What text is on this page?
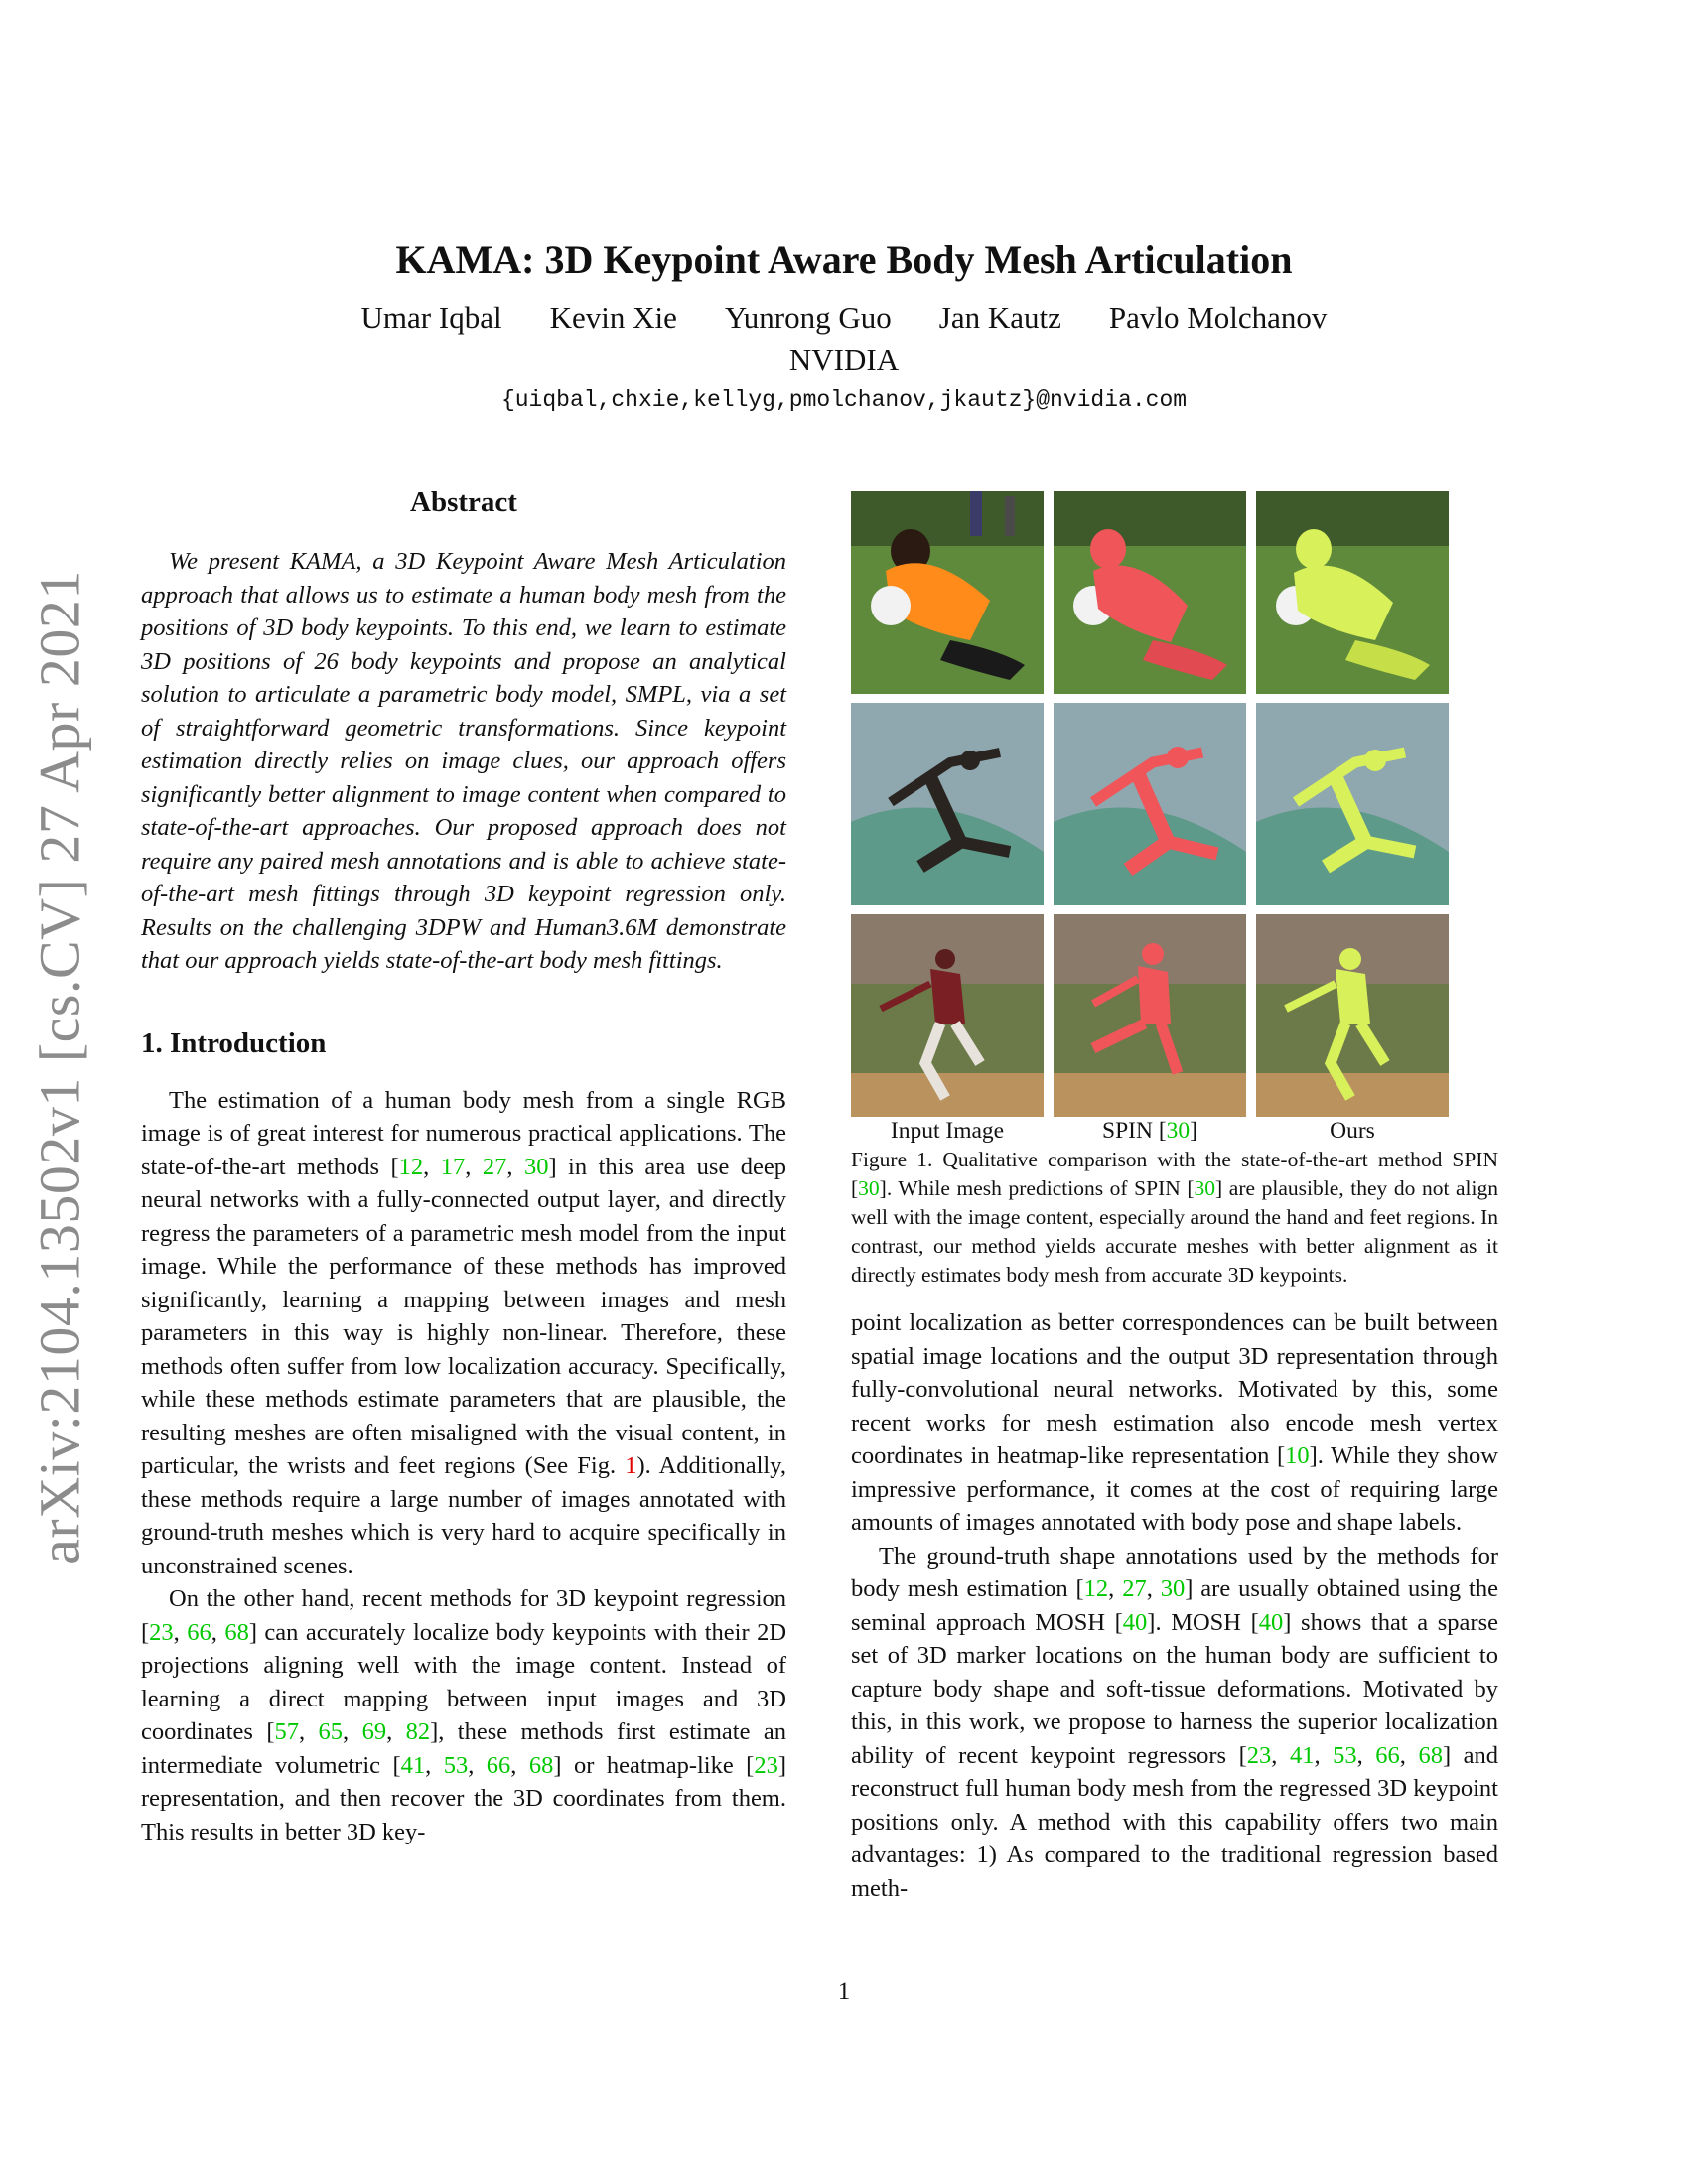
arXiv:2104.13502v1 [cs.CV] 27 Apr 2021
KAMA: 3D Keypoint Aware Body Mesh Articulation
Umar Iqbal Kevin Xie Yunrong Guo Jan Kautz Pavlo Molchanov
NVIDIA
{uiqbal,chxie,kellyg,pmolchanov,jkautz}@nvidia.com
Abstract

We present KAMA, a 3D Keypoint Aware Mesh Articulation approach that allows us to estimate a human body mesh from the positions of 3D body keypoints. To this end, we learn to estimate 3D positions of 26 body keypoints and propose an analytical solution to articulate a parametric body model, SMPL, via a set of straightforward geometric transformations. Since keypoint estimation directly relies on image clues, our approach offers significantly better alignment to image content when compared to state-of-the-art approaches. Our proposed approach does not require any paired mesh annotations and is able to achieve state-of-the-art mesh fittings through 3D keypoint regression only. Results on the challenging 3DPW and Human3.6M demonstrate that our approach yields state-of-the-art body mesh fittings.

1. Introduction

The estimation of a human body mesh from a single RGB image is of great interest for numerous practical applications. The state-of-the-art methods [12, 17, 27, 30] in this area use deep neural networks with a fully-connected output layer, and directly regress the parameters of a parametric mesh model from the input image. While the performance of these methods has improved significantly, learning a mapping between images and mesh parameters in this way is highly non-linear. Therefore, these methods often suffer from low localization accuracy. Specifically, while these methods estimate parameters that are plausible, the resulting meshes are often misaligned with the visual content, in particular, the wrists and feet regions (See Fig. 1). Additionally, these methods require a large number of images annotated with ground-truth meshes which is very hard to acquire specifically in unconstrained scenes.

On the other hand, recent methods for 3D keypoint regression [23, 66, 68] can accurately localize body keypoints with their 2D projections aligning well with the image content. Instead of learning a direct mapping between input images and 3D coordinates [57, 65, 69, 82], these methods first estimate an intermediate volumetric [41, 53, 66, 68] or heatmap-like [23] representation, and then recover the 3D coordinates from them. This results in better 3D key-

Input Image	SPIN [30]	Ours

Figure 1. Qualitative comparison with the state-of-the-art method SPIN [30]. While mesh predictions of SPIN [30] are plausible, they do not align well with the image content, especially around the hand and feet regions. In contrast, our method yields accurate meshes with better alignment as it directly estimates body mesh from accurate 3D keypoints.

point localization as better correspondences can be built between spatial image locations and the output 3D representation through fully-convolutional neural networks. Motivated by this, some recent works for mesh estimation also encode mesh vertex coordinates in heatmap-like representation [10]. While they show impressive performance, it comes at the cost of requiring large amounts of images annotated with body pose and shape labels.

The ground-truth shape annotations used by the methods for body mesh estimation [12, 27, 30] are usually obtained using the seminal approach MOSH [40]. MOSH [40] shows that a sparse set of 3D marker locations on the human body are sufficient to capture body shape and soft-tissue deformations. Motivated by this, in this work, we propose to harness the superior localization ability of recent keypoint regressors [23, 41, 53, 66, 68] and reconstruct full human body mesh from the regressed 3D keypoint positions only. A method with this capability offers two main advantages: 1) As compared to the traditional regression based meth-

1
